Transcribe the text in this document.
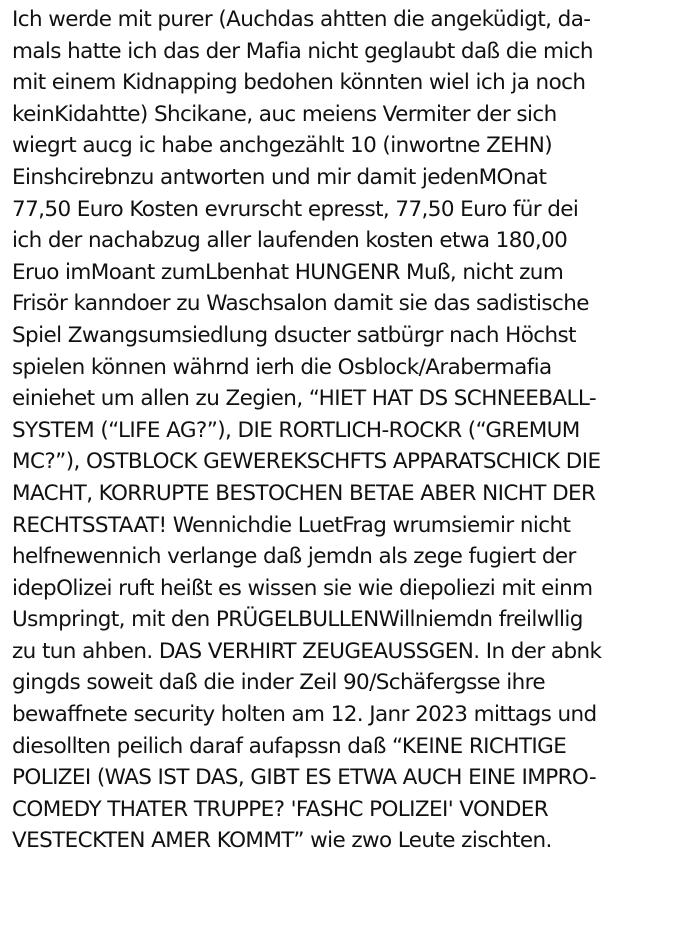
Ich werde mit purer (Auchdas ahtten die angeküdigt, da-
mals hatte ich das der Mafia nicht geglaubt daß die mich
mit einem Kidnapping bedohen könnten wiel ich ja noch
keinKidahtte) Shcikane, auc meiens Vermiter der sich
wiegrt aucg ic habe anchgezählt 10 (inwortne ZEHN)
Einshcirebnzu antworten und mir damit jedenMOnat
77,50 Euro Kosten evrurscht epresst, 77,50 Euro für dei
ich der nachabzug aller laufenden kosten etwa 180,00
Eruo imMoant zumLbenhat HUNGENR Muß, nicht zum
Frisör kanndoer zu Waschsalon damit sie das sadistische
Spiel Zwangsumsiedlung dsucter satbürgr nach Höchst
spielen können währnd ierh die Osblock/Arabermafia
einiehet um allen zu Zegien, “HIET HAT DS SCHNEEBALL-
SYSTEM (“LIFE AG?”), DIE RORTLICH-ROCKR (“GREMUM
MC?”), OSTBLOCK GEWEREKSCHFTS APPARATSCHICK DIE
MACHT, KORRUPTE BESTOCHEN BETAE ABER NICHT DER
RECHTSSTAAT! Wennichdie LuetFrag wrumsiemir nicht
helfnewennich verlange daß jemdn als zege fugiert der
idepOlizei ruft heißt es wissen sie wie diepoliezi mit einm
Usmpringt, mit den PRÜGELBULLENWillniemdn freilwllig
zu tun ahben. DAS VERHIRT ZEUGEAUSSGEN. In der abnk
gingds soweit daß die inder Zeil 90/Schäfergsse ihre
bewaffnete security holten am 12. Janr 2023 mittags und
diesollten peilich daraf aufapssn daß “KEINE RICHTIGE
POLIZEI (WAS IST DAS, GIBT ES ETWA AUCH EINE IMPRO-
COMEDY THATER TRUPPE? 'FASHC POLIZEI' VONDER
VESTECKTEN AMER KOMMT” wie zwo Leute zischten.
